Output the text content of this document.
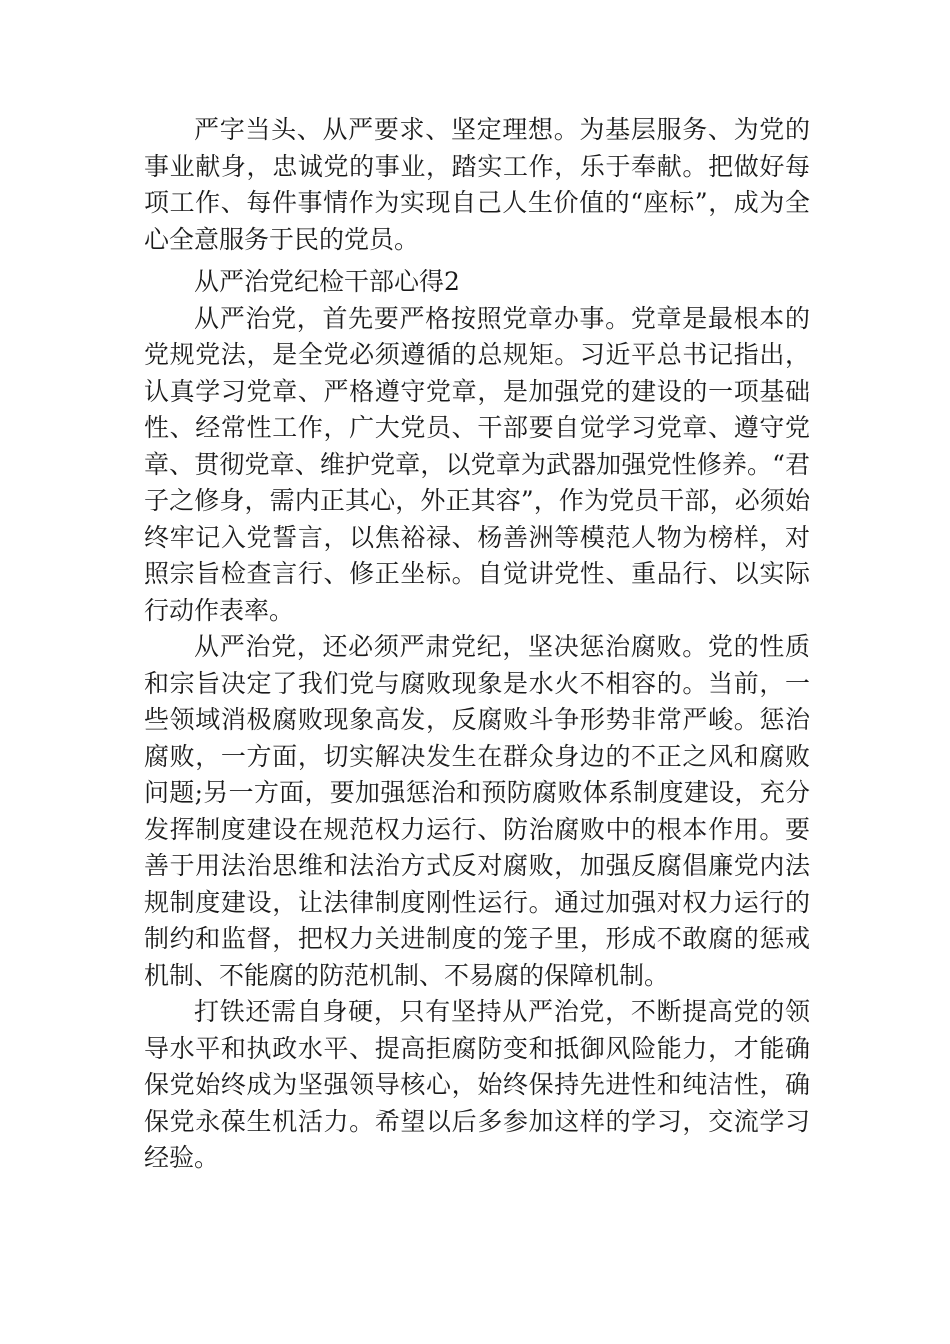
严字当头、从严要求、坚定理想。为基层服务、为党的事业献身，忠诚党的事业，踏实工作，乐于奉献。把做好每项工作、每件事情作为实现自己人生价值的“座标”，成为全心全意服务于民的党员。

从严治党纪检干部心得2

从严治党，首先要严格按照党章办事。党章是最根本的党规党法，是全党必须遵循的总规矩。习近平总书记指出，认真学习党章、严格遵守党章，是加强党的建设的一项基础性、经常性工作，广大党员、干部要自觉学习党章、遵守党章、贯彻党章、维护党章，以党章为武器加强党性修养。“君子之修身，需内正其心，外正其容”，作为党员干部，必须始终牢记入党誓言，以焦裕禄、杨善洲等模范人物为榜样，对照宗旨检查言行、修正坐标。自觉讲党性、重品行、以实际行动作表率。

从严治党，还必须严肃党纪，坚决惩治腐败。党的性质和宗旨决定了我们党与腐败现象是水火不相容的。当前，一些领域消极腐败现象高发，反腐败斗争形势非常严峻。惩治腐败，一方面，切实解决发生在群众身边的不正之风和腐败问题;另一方面，要加强惩治和预防腐败体系制度建设，充分发挥制度建设在规范权力运行、防治腐败中的根本作用。要善于用法治思维和法治方式反对腐败，加强反腐倡廉党内法规制度建设，让法律制度刚性运行。通过加强对权力运行的制约和监督，把权力关进制度的笼子里，形成不敢腐的惩戒机制、不能腐的防范机制、不易腐的保障机制。

打铁还需自身硬，只有坚持从严治党，不断提高党的领导水平和执政水平、提高拒腐防变和抵御风险能力，才能确保党始终成为坚强领导核心，始终保持先进性和纯洁性，确保党永葆生机活力。希望以后多参加这样的学习，交流学习经验。
